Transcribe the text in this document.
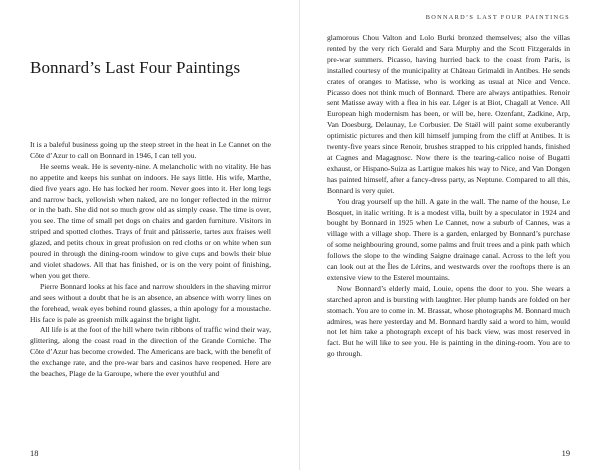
Bonnard’s Last Four Paintings

It is a baleful business going up the steep street in the heat in Le Cannet on the Côte d’Azur to call on Bonnard in 1946, I can tell you.

He seems weak. He is seventy-nine. A melancholic with no vitality. He has no appetite and keeps his sunhat on indoors. He says little. His wife, Marthe, died five years ago. He has locked her room. Never goes into it. Her long legs and narrow back, yellowish when naked, are no longer reflected in the mirror or in the bath. She did not so much grow old as simply cease. The time is over, you see. The time of small pet dogs on chairs and garden furniture. Visitors in striped and spotted clothes. Trays of fruit and pâtisserie, tartes aux fraises well glazed, and petits choux in great profusion on red cloths or on white when sun poured in through the dining-room window to give cups and bowls their blue and violet shadows. All that has finished, or is on the very point of finishing, when you get there.

Pierre Bonnard looks at his face and narrow shoulders in the shaving mirror and sees without a doubt that he is an absence, an absence with worry lines on the forehead, weak eyes behind round glasses, a thin apology for a moustache. His face is pale as greenish milk against the bright light.

All life is at the foot of the hill where twin ribbons of traffic wind their way, glittering, along the coast road in the direction of the Grande Corniche. The Côte d’Azur has become crowded. The Americans are back, with the benefit of the exchange rate, and the pre-war bars and casinos have reopened. Here are the beaches, Plage de la Garoupe, where the ever youthful and

18
BONNARD’S LAST FOUR PAINTINGS

glamorous Chou Valton and Lolo Burki bronzed themselves; also the villas rented by the very rich Gerald and Sara Murphy and the Scott Fitzgeralds in pre-war summers. Picasso, having hurried back to the coast from Paris, is installed courtesy of the municipality at Château Grimaldi in Antibes. He sends crates of oranges to Matisse, who is working as usual at Nice and Vence. Picasso does not think much of Bonnard. There are always antipathies. Renoir sent Matisse away with a flea in his ear. Léger is at Biot, Chagall at Vence. All European high modernism has been, or will be, here. Ozenfant, Zadkine, Arp, Van Doesburg, Delaunay, Le Corbusier. De Staël will paint some exuberantly optimistic pictures and then kill himself jumping from the cliff at Antibes. It is twenty-five years since Renoir, brushes strapped to his crippled hands, finished at Cagnes and Magagnosc. Now there is the tearing-calico noise of Bugatti exhaust, or Hispano-Suiza as Lartigue makes his way to Nice, and Van Dongen has painted himself, after a fancy-dress party, as Neptune. Compared to all this, Bonnard is very quiet.

You drag yourself up the hill. A gate in the wall. The name of the house, Le Bosquet, in italic writing. It is a modest villa, built by a speculator in 1924 and bought by Bonnard in 1925 when Le Cannet, now a suburb of Cannes, was a village with a village shop. There is a garden, enlarged by Bonnard’s purchase of some neighbouring ground, some palms and fruit trees and a pink path which follows the slope to the winding Saigne drainage canal. Across to the left you can look out at the Îles de Lérins, and westwards over the rooftops there is an extensive view to the Esterel mountains.

Now Bonnard’s elderly maid, Louie, opens the door to you. She wears a starched apron and is bursting with laughter. Her plump hands are folded on her stomach. You are to come in. M. Brassat, whose photographs M. Bonnard much admires, was here yesterday and M. Bonnard hardly said a word to him, would not let him take a photograph except of his back view, was most reserved in fact. But he will like to see you. He is painting in the dining-room. You are to go through.

19
